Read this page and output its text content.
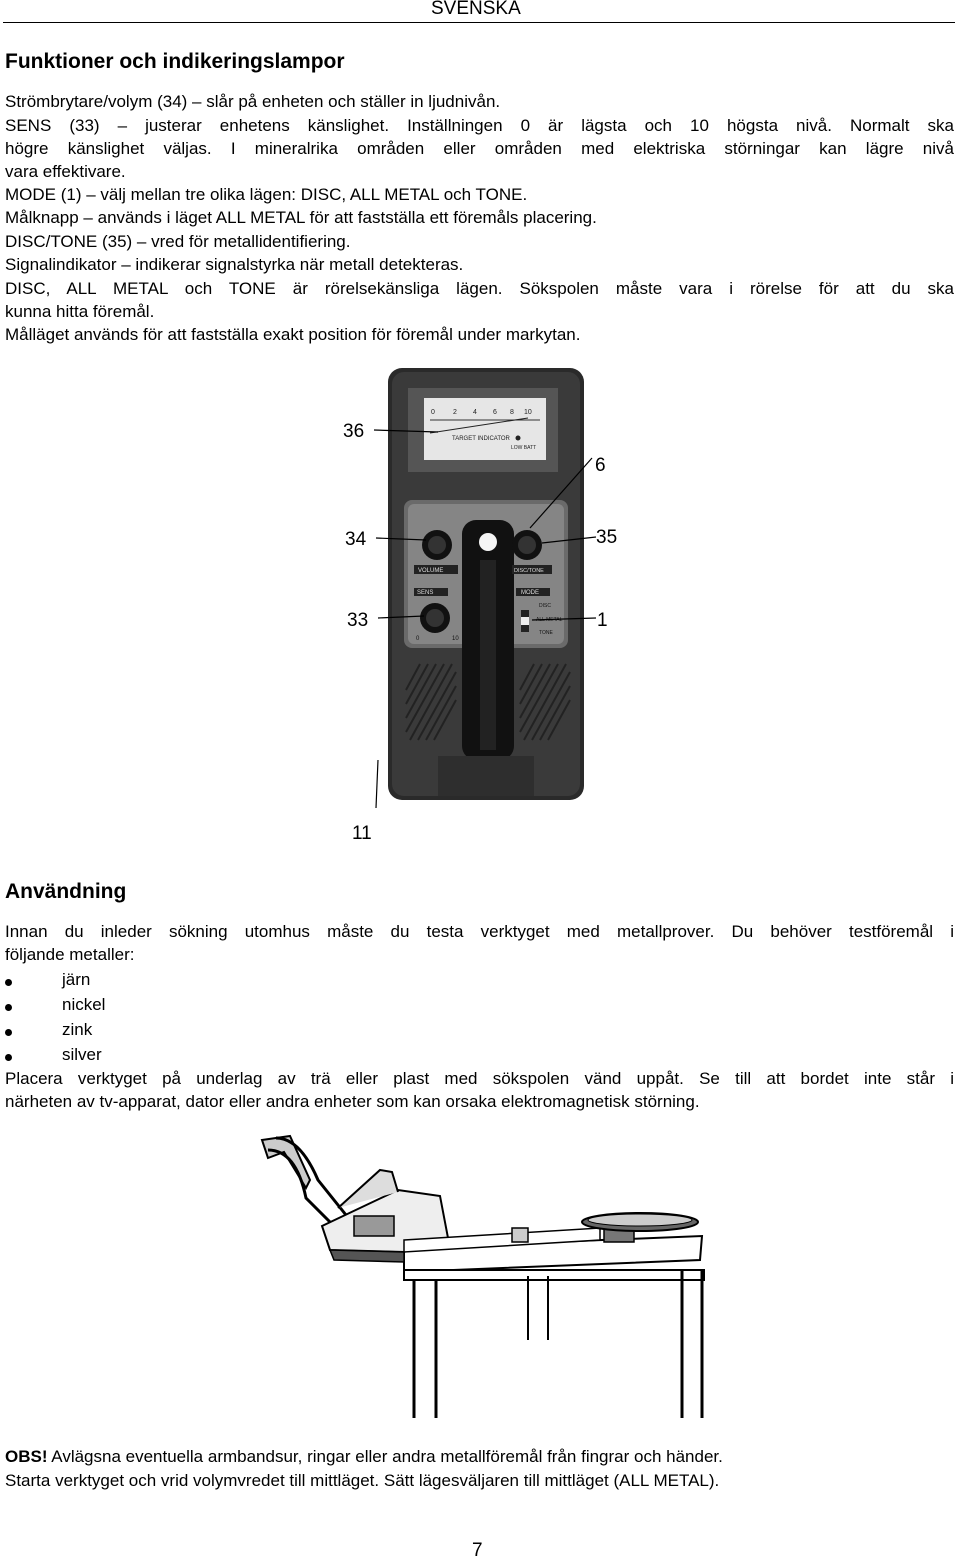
SVENSKA
Funktioner och indikeringslampor
Strömbrytare/volym (34) – slår på enheten och ställer in ljudnivån.
SENS (33) – justerar enhetens känslighet. Inställningen 0 är lägsta och 10 högsta nivå. Normalt ska
högre känslighet väljas. I mineralrika områden eller områden med elektriska störningar kan lägre nivå
vara effektivare.
MODE (1) – välj mellan tre olika lägen: DISC, ALL METAL och TONE.
Målknapp – används i läget ALL METAL för att fastställa ett föremåls placering.
DISC/TONE (35) – vred för metallidentifiering.
Signalindikator – indikerar signalstyrka när metall detekteras.
DISC, ALL METAL och TONE är rörelsekänsliga lägen. Sökspolen måste vara i rörelse för att du ska
kunna hitta föremål.
Målläget används för att fastställa exakt position för föremål under markytan.
0	2 4 6 8 10
TARGET INDICATOR
LOW BATT
VOLUME	DISC/TONE
SENS	MODE
0	10
DISC
ALL METAL
TONE
36
6
34	35
33	1
11
Användning
Innan du inleder sökning utomhus måste du testa verktyget med metallprover. Du behöver testföremål i
följande metaller:
järn
nickel
zink
silver
Placera verktyget på underlag av trä eller plast med sökspolen vänd uppåt. Se till att bordet inte står i
närheten av tv-apparat, dator eller andra enheter som kan orsaka elektromagnetisk störning.
OBS! Avlägsna eventuella armbandsur, ringar eller andra metallföremål från fingrar och händer.
Starta verktyget och vrid volymvredet till mittläget. Sätt lägesväljaren till mittläget (ALL METAL).
7
